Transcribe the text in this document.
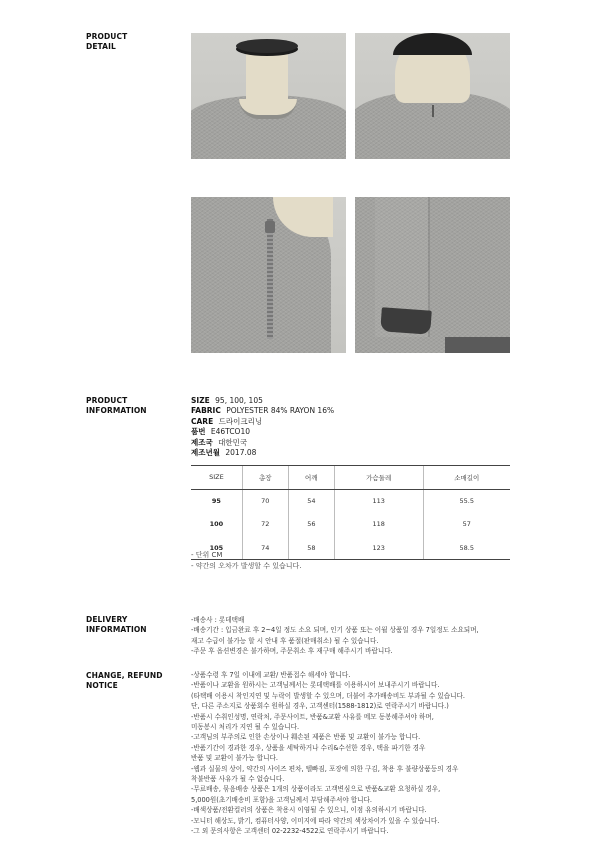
PRODUCT
DETAIL
PRODUCT
INFORMATION
SIZE 95, 100, 105
FABRIC POLYESTER 84% RAYON 16%
CARE 드라이크리닝
품번 E46TCO10
제조국 대한민국
제조년월 2017.08
SIZE	총장	어깨	가슴둘레	소매길이
95	70	54	113	55.5
100	72	56	118	57
105	74	58	123	58.5
- 단위 CM
- 약간의 오차가 발생할 수 있습니다.
DELIVERY
INFORMATION
-배송사 : 롯데택배
-배송기간 : 입금완료 후 2~4일 정도 소요 되며, 인기 상품 또는 이월 상품일 경우 7일정도 소요되며,
재고 수급이 불가능 할 시 안내 후 품절(판매취소) 될 수 있습니다.
-주문 후 옵션변경은 불가하며, 주문취소 후 재구매 해주시기 바랍니다.
CHANGE, REFUND
NOTICE
-상품수령 후 7일 이내에 교환/ 반품접수 해세야 합니다.
-반품이나 교환을 원하시는 고객님께서는 롯데택배를 이용하시어 보내주시기 바랍니다.
(타택배 이용시 착인지연 및 누락이 발생할 수 있으며, 더불어 추가배송비도 부과될 수 있습니다.
단, 다른 주소지로 상품회수 원하실 경우, 고객센터(1588-1812)로 연락주시기 바랍니다.)
-반품시 수취인성명, 연락처, 주문사이트, 반품&교환 사유를 메모 동봉해주셔야 하며,
미동봉시 처리가 지연 될 수 있습니다.
-고객님의 부주의로 인한 손상이나 훼손된 제품은 반품 및 교환이 불가능 합니다.
-반품기간이 경과한 경우, 상품을 세탁하거나 수리&수선한 경우, 택을 파기한 경우
반품 및 교환이 불가능 합니다.
-웹과 실물의 상이, 약간의 사이즈 편차, 텔빠짐, 포장에 의한 구김, 착용 후 불량상품등의 경우
착불반품 사유가 될 수 없습니다.
-무료배송, 묶음배송 상품은 1개의 상품이라도 고객변심으로 반품&교환 요청하실 경우,
5,000원(초기배송비 포함)을 고객님께서 부담해주셔야 합니다.
-배색상품/전환컬러의 상품은 착용시 이염될 수 있으니, 이점 유의하시기 바랍니다.
-모니터 해상도, 밝기, 컴퓨터사양, 이미지에 따라 약간의 색상차이가 있을 수 있습니다.
-그 외 문의사항은 고객센터 02-2232-4522로 연락주시기 바랍니다.
